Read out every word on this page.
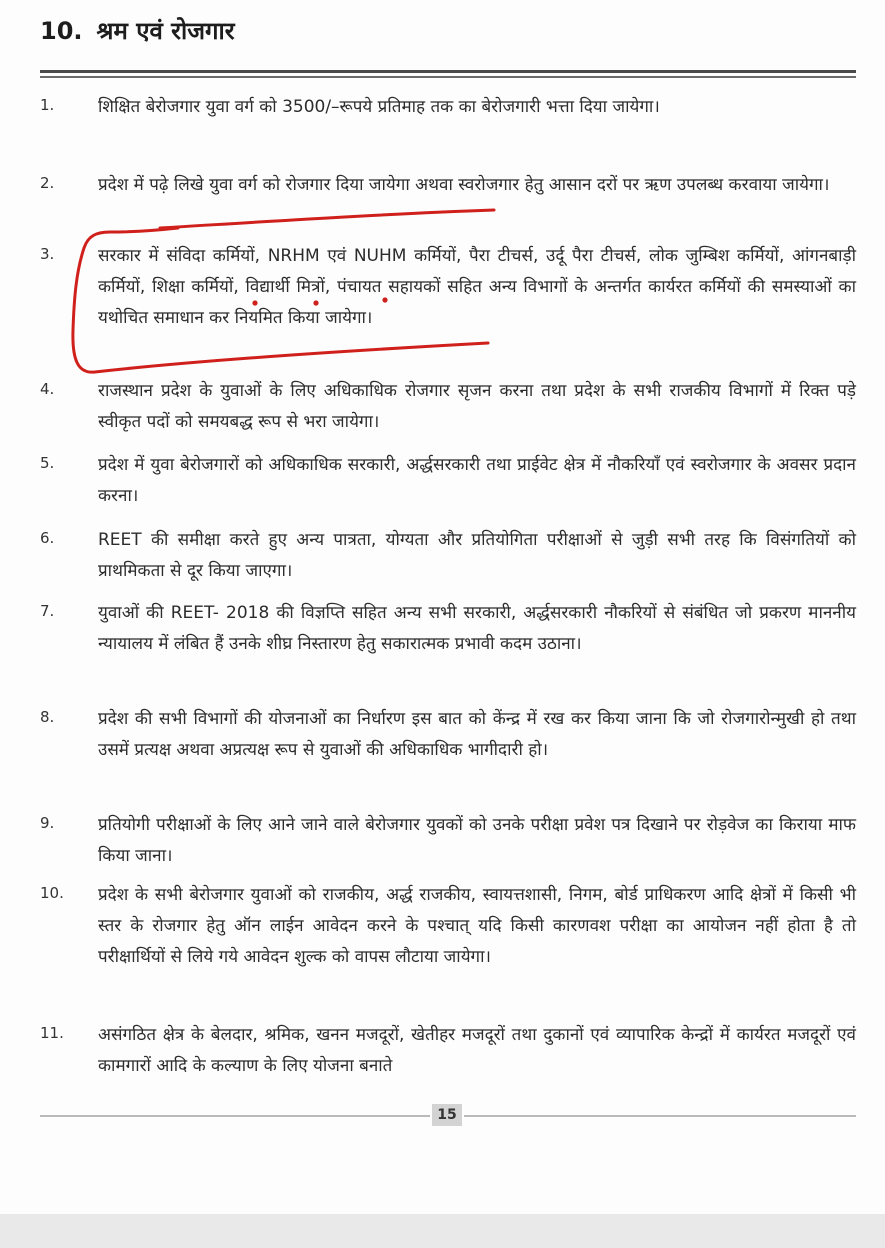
10. श्रम एवं रोजगार
1.	शिक्षित बेरोजगार युवा वर्ग को 3500/–रूपये प्रतिमाह तक का बेरोजगारी भत्ता दिया जायेगा।
2.	प्रदेश में पढ़े लिखे युवा वर्ग को रोजगार दिया जायेगा अथवा स्वरोजगार हेतु आसान दरों पर ऋण उपलब्ध करवाया जायेगा।
3.	सरकार में संविदा कर्मियों, NRHM एवं NUHM कर्मियों, पैरा टीचर्स, उर्दू पैरा टीचर्स, लोक जुम्बिश कर्मियों, आंगनबाड़ी कर्मियों, शिक्षा कर्मियों, विद्यार्थी मित्रों, पंचायत सहायकों सहित अन्य विभागों के अन्तर्गत कार्यरत कर्मियों की समस्याओं का यथोचित समाधान कर नियमित किया जायेगा।
4.	राजस्थान प्रदेश के युवाओं के लिए अधिकाधिक रोजगार सृजन करना तथा प्रदेश के सभी राजकीय विभागों में रिक्त पड़े स्वीकृत पदों को समयबद्ध रूप से भरा जायेगा।
5.	प्रदेश में युवा बेरोजगारों को अधिकाधिक सरकारी, अर्द्धसरकारी तथा प्राईवेट क्षेत्र में नौकरियाँ एवं स्वरोजगार के अवसर प्रदान करना।
6.	REET की समीक्षा करते हुए अन्य पात्रता, योग्यता और प्रतियोगिता परीक्षाओं से जुड़ी सभी तरह कि विसंगतियों को प्राथमिकता से दूर किया जाएगा।
7.	युवाओं की REET- 2018 की विज्ञप्ति सहित अन्य सभी सरकारी, अर्द्धसरकारी नौकरियों से संबंधित जो प्रकरण माननीय न्यायालय में लंबित हैं उनके शीघ्र निस्तारण हेतु सकारात्मक प्रभावी कदम उठाना।
8.	प्रदेश की सभी विभागों की योजनाओं का निर्धारण इस बात को केंन्द्र में रख कर किया जाना कि जो रोजगारोन्मुखी हो तथा उसमें प्रत्यक्ष अथवा अप्रत्यक्ष रूप से युवाओं की अधिकाधिक भागीदारी हो।
9.	प्रतियोगी परीक्षाओं के लिए आने जाने वाले बेरोजगार युवकों को उनके परीक्षा प्रवेश पत्र दिखाने पर रोड़वेज का किराया माफ किया जाना।
10.	प्रदेश के सभी बेरोजगार युवाओं को राजकीय, अर्द्ध राजकीय, स्वायत्तशासी, निगम, बोर्ड प्राधिकरण आदि क्षेत्रों में किसी भी स्तर के रोजगार हेतु ऑन लाईन आवेदन करने के पश्चात् यदि किसी कारणवश परीक्षा का आयोजन नहीं होता है तो परीक्षार्थियों से लिये गये आवेदन शुल्क को वापस लौटाया जायेगा।
11.	असंगठित क्षेत्र के बेलदार, श्रमिक, खनन मजदूरों, खेतीहर मजदूरों तथा दुकानों एवं व्यापारिक केन्द्रों में कार्यरत मजदूरों एवं कामगारों आदि के कल्याण के लिए योजना बनाते
15
